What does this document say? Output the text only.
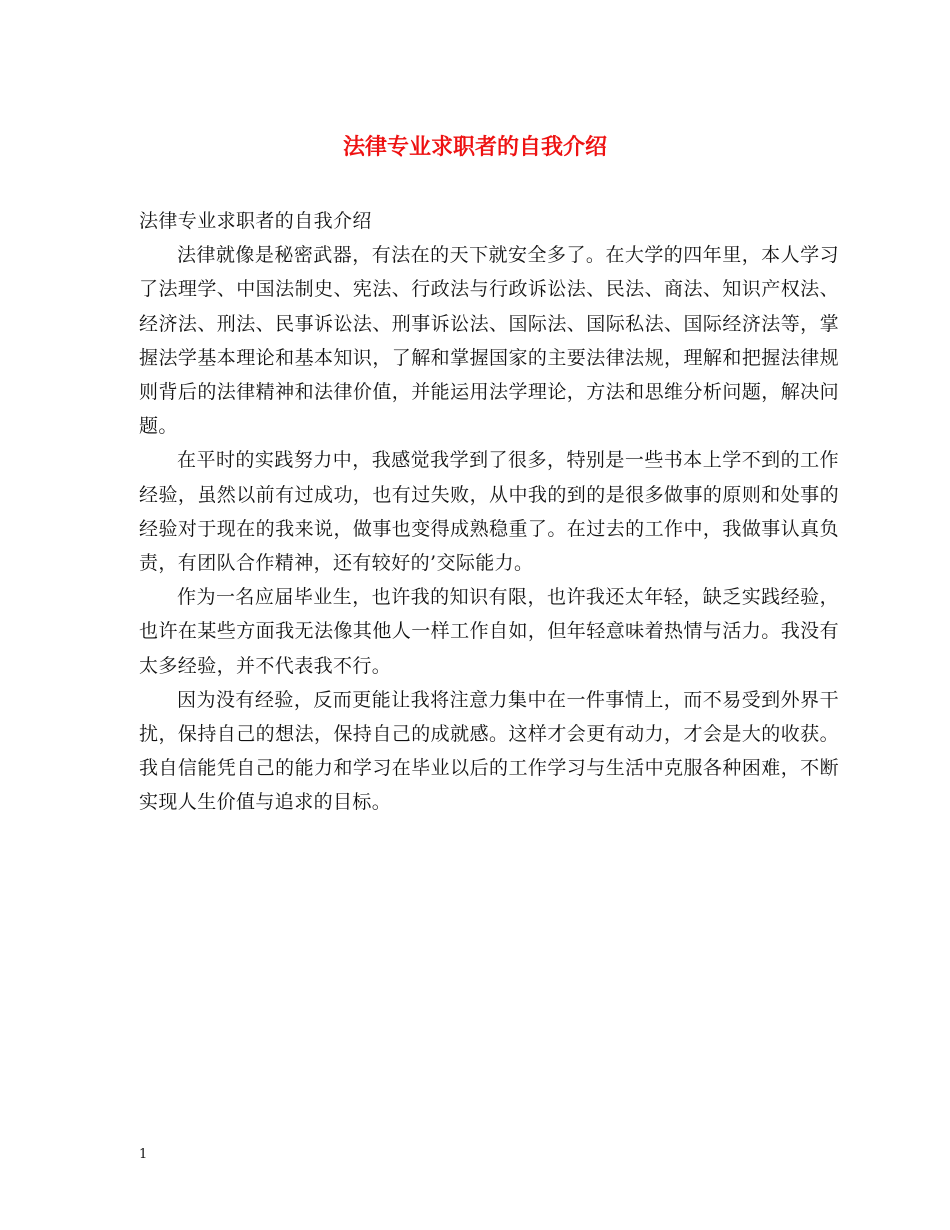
法律专业求职者的自我介绍

法律专业求职者的自我介绍

法律就像是秘密武器，有法在的天下就安全多了。在大学的四年里，本人学习了法理学、中国法制史、宪法、行政法与行政诉讼法、民法、商法、知识产权法、经济法、刑法、民事诉讼法、刑事诉讼法、国际法、国际私法、国际经济法等，掌握法学基本理论和基本知识，了解和掌握国家的主要法律法规，理解和把握法律规则背后的法律精神和法律价值，并能运用法学理论，方法和思维分析问题，解决问题。

在平时的实践努力中，我感觉我学到了很多，特别是一些书本上学不到的工作经验，虽然以前有过成功，也有过失败，从中我的到的是很多做事的原则和处事的经验对于现在的我来说，做事也变得成熟稳重了。在过去的工作中，我做事认真负责，有团队合作精神，还有较好的’交际能力。

作为一名应届毕业生，也许我的知识有限，也许我还太年轻，缺乏实践经验，也许在某些方面我无法像其他人一样工作自如，但年轻意味着热情与活力。我没有太多经验，并不代表我不行。

因为没有经验，反而更能让我将注意力集中在一件事情上，而不易受到外界干扰，保持自己的想法，保持自己的成就感。这样才会更有动力，才会是大的收获。我自信能凭自己的能力和学习在毕业以后的工作学习与生活中克服各种困难，不断实现人生价值与追求的目标。

1
